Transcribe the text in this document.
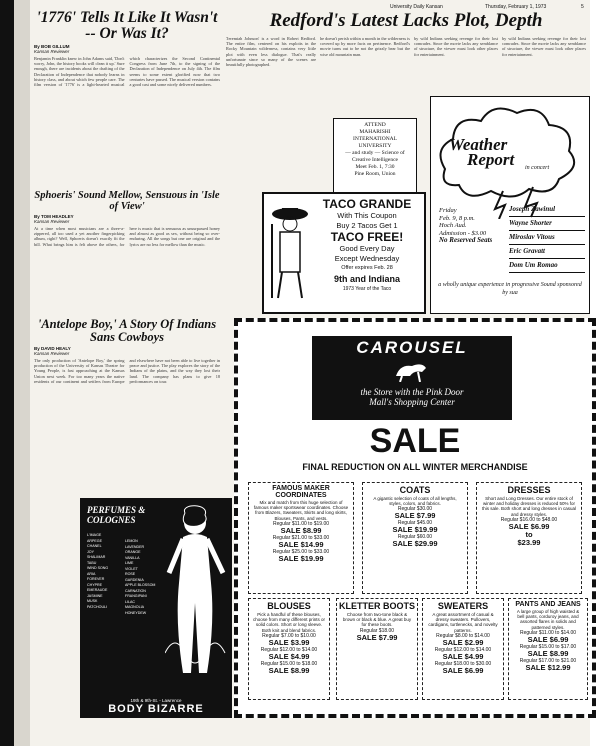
University Daily Kansan	Thursday, February 1, 1973	5
'1776' Tells It Like It Wasn't -- Or Was It?
By BOB GILLUM
Kansan Reviewer
Benjamin Franklin knew in John Adams said, 'Don't worry, John, the history books will clean it up.' Sure enough, there are incidents about the drafting of the Declaration of Independence that nobody learns in history class, and about which few people care. The film version of '1776' is a light-hearted musical which characterizes the Second Continental Congress from June 7th, to the signing of the Declaration of Independence on July 4th. The film seems to some extent glorified now that two centuries have passed. The musical version contains a good cast and some nicely delivered numbers.
Sphoeris' Sound Mellow, Sensuous in 'Isle of View'
By TOM HEADLEY
Kansan Reviewer
At a time when most musicians are a three-a-zippered, all too used a yet another fingerpicking album, right? Well, Sphoeris doesn't exactly fit the bill. What brings him is felt above the others, for here is music that is sensuous as unsurpassed honey and almost as good as sex, without being so over-enduring. All the songs but one are original and the lyrics are no less for mellow than the music.
'Antelope Boy,' A Story Of Indians Sans Cowboys
By DAVID HEALY
Kansan Reviewer
The only production of 'Antelope Boy,' the spring production of the University of Kansas Theatre for Young People, is fast approaching at the Kansas Union next week. For too many years the native residents of our continent and settlers from Europe and elsewhere have not been able to live together in peace and justice. The play explores the story of the Indians of the plains, and the way they lost their land. The company has plans to give 18 performances on tour.
PERFUMES &
COLOGNES
L'IMAGE
ARPEGE
CHANEL
JOY
SHALIMAR
TABU
WIND SONG
ARIA
FOREVER
CHYPRE
EMERAUDE
JASMINE
MUSK
PATCHOULI
LEMON
LAVENDER
ORANGE
VANILLA
LIME
VIOLET
ROSE
GARDENIA
APPLE BLOSSOM
CARNATION
FRANGIPANI
LILAC
MAGNOLIA
HONEYDEW
19th & 9th-St. - Lawrence
BODY BIZARRE
Redford's Latest Lacks Plot, Depth
'Jeremiah Johnson' is a word in Robert Redford. The entire film, centered on his exploits in the Rocky Mountain wilderness, contains very little plot with even less dialogue. That's really unfortunate since so many of the scenes are beautifully photographed.
he doesn't perish within a month in the wilderness is covered up by more facts on pertinence. Redford's movie turns out to be not the grizzly bear but the wise old mountain man.
by wild Indians seeking revenge for their lost comrades. Since the movie lacks any semblance of structure, the viewer must look other places for entertainment.
by wild Indians seeking revenge for their lost comrades. Since the movie lacks any semblance of structure, the viewer must look other places for entertainment.
ATTEND
MAHARISHI
INTERNATIONAL
UNIVERSITY
— and study — Science of
Creative Intelligence
Meet Feb. 1, 7:30
Pine Room, Union
TACO GRANDE
With This Coupon
Buy 2 Tacos Get 1
TACO FREE!
Good Every Day
Except Wednesday
Offer expires Feb. 28
9th and Indiana
1973 Year of the Taco
Weather
Report in concert
Friday
Feb. 9, 8 p.m.
Hoch Aud.
Admission - $3.00
No Reserved Seats
Joseph Zawinul
Wayne Shorter
Miroslav Vitous
Eric Gravatt
Dom Um Romao
a wholly unique experience in progressive Sound sponsored by sua
CAROUSEL
the Store with the Pink Door
Mall's Shopping Center
SALE
FINAL REDUCTION ON ALL WINTER MERCHANDISE
FAMOUS MAKER COORDINATES
Mix and match from this huge selection of famous maker sportswear coordinates. Choose from Blazers, Sweaters, Skirts and long skirts, Blouses, Pants, and vests.
Regular $11.00 to $19.00
SALE $8.99
Regular $21.00 to $33.00
SALE $14.99
Regular $25.00 to $33.00
SALE $19.99
COATS
A gigantic selection of coats of all lengths, styles, colors, and fabrics.
Regular $30.00
SALE $7.99
Regular $45.00
SALE $19.99
Regular $60.00
SALE $29.99
DRESSES
Short and Long Dresses. Our entire stock of winter and holiday dresses is reduced 50% for this sale. Both short and long dresses in casual and dressy styles.
Regular $16.00 to $48.00
SALE $6.99
to
$23.99
BLOUSES
Pick a handful of these blouses, choose from many different prints or solid colors. Short or long sleeve. Both knit and blend fabrics.
Regular $7.00 to $10.00
SALE $3.99
Regular $12.00 to $14.00
SALE $4.99
Regular $15.00 to $18.00
SALE $8.99
KLETTER BOOTS
Choose from two-tone black & brown or black & blue. A great buy for these boots.
Regular $18.00
SALE $7.99
SWEATERS
A great assortment of casual & dressy sweaters. Pullovers, cardigans, turtlenecks, and novelty patterns.
Regular $8.00 to $14.00
SALE $2.99
Regular $12.00 to $14.00
SALE $4.99
Regular $18.00 to $30.00
SALE $6.99
PANTS AND JEANS
A large group of high waisted & bell pants, corduroy jeans, and assorted flares in solids and patterned styles.
Regular $11.00 to $14.00
SALE $6.99
Regular $15.00 to $17.00
SALE $8.99
Regular $17.00 to $21.00
SALE $12.99
